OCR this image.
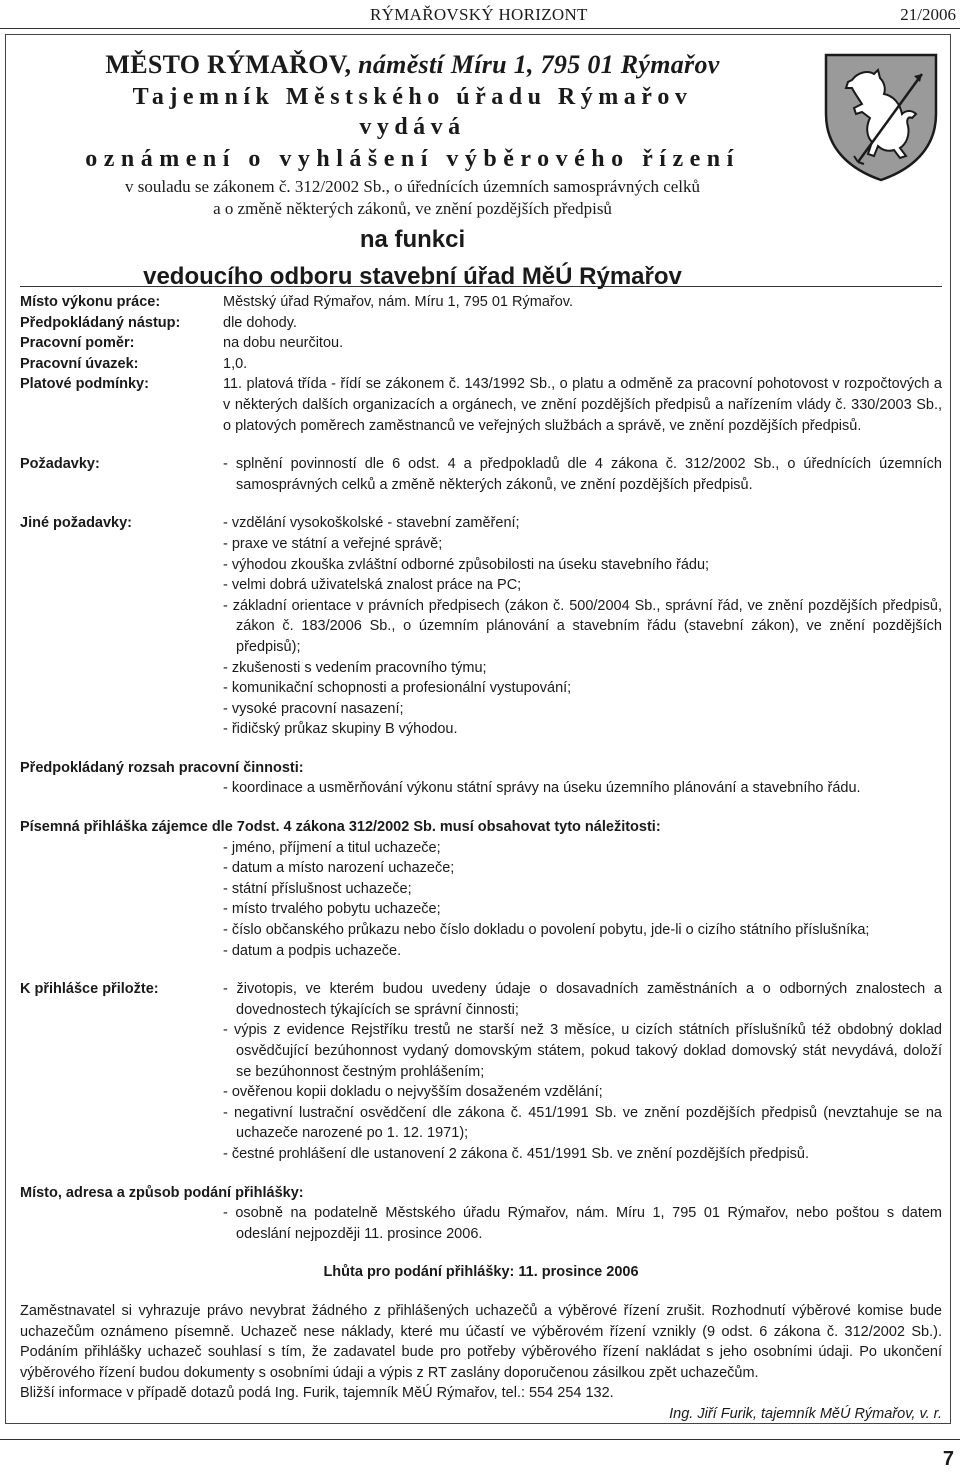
RÝMAŘOVSKÝ HORIZONT	21/2006
MĚSTO RÝMAŘOV, náměstí Míru 1, 795 01 Rýmařov
Tajemník Městského úřadu Rýmařov
vydává
oznámení o vyhlášení výběrového řízení
v souladu se zákonem č. 312/2002 Sb., o úřednících územních samosprávných celků
a o změně některých zákonů, ve znění pozdějších předpisů
na funkci
vedoucího odboru stavební úřad MěÚ Rýmařov
Místo výkonu práce:	Městský úřad Rýmařov, nám. Míru 1, 795 01 Rýmařov.
Předpokládaný nástup:	dle dohody.
Pracovní poměr:	na dobu neurčitou.
Pracovní úvazek:	1,0.
Platové podmínky:	11. platová třída - řídí se zákonem č. 143/1992 Sb., o platu a odměně za pracovní pohotovost v rozpočtových a v některých dalších organizacích a orgánech, ve znění pozdějších předpisů a nařízením vlády č. 330/2003 Sb., o platových poměrech zaměstnanců ve veřejných službách a správě, ve znění pozdějších předpisů.
Požadavky:	- splnění povinností dle 6 odst. 4 a předpokladů dle 4 zákona č. 312/2002 Sb., o úřednících územních samosprávných celků a změně některých zákonů, ve znění pozdějších předpisů.
Jiné požadavky:	- vzdělání vysokoškolské - stavební zaměření;
- praxe ve státní a veřejné správě;
- výhodou zkouška zvláštní odborné způsobilosti na úseku stavebního řádu;
- velmi dobrá uživatelská znalost práce na PC;
- základní orientace v právních předpisech (zákon č. 500/2004 Sb., správní řád, ve znění pozdějších předpisů, zákon č. 183/2006 Sb., o územním plánování a stavebním řádu (stavební zákon), ve znění pozdějších předpisů);
- zkušenosti s vedením pracovního týmu;
- komunikační schopnosti a profesionální vystupování;
- vysoké pracovní nasazení;
- řidičský průkaz skupiny B výhodou.
Předpokládaný rozsah pracovní činnosti:
- koordinace a usměrňování výkonu státní správy na úseku územního plánování a stavebního řádu.
Písemná přihláška zájemce dle 7odst. 4 zákona 312/2002 Sb. musí obsahovat tyto náležitosti:
- jméno, příjmení a titul uchazeče;
- datum a místo narození uchazeče;
- státní příslušnost uchazeče;
- místo trvalého pobytu uchazeče;
- číslo občanského průkazu nebo číslo dokladu o povolení pobytu, jde-li o cizího státního příslušníka;
- datum a podpis uchazeče.
K přihlášce přiložte:	- životopis, ve kterém budou uvedeny údaje o dosavadních zaměstnáních a o odborných znalostech a dovednostech týkajících se správní činnosti;
- výpis z evidence Rejstříku trestů ne starší než 3 měsíce, u cizích státních příslušníků též obdobný doklad osvědčující bezúhonnost vydaný domovským státem, pokud takový doklad domovský stát nevydává, doloží se bezúhonnost čestným prohlášením;
- ověřenou kopii dokladu o nejvyšším dosaženém vzdělání;
- negativní lustrační osvědčení dle zákona č. 451/1991 Sb. ve znění pozdějších předpisů (nevztahuje se na uchazeče narozené po 1. 12. 1971);
- čestné prohlášení dle ustanovení 2 zákona č. 451/1991 Sb. ve znění pozdějších předpisů.
Místo, adresa a způsob podání přihlášky:
- osobně na podatelně Městského úřadu Rýmařov, nám. Míru 1, 795 01 Rýmařov, nebo poštou s datem odeslání nejpozději 11. prosince 2006.
Lhůta pro podání přihlášky: 11. prosince 2006
Zaměstnavatel si vyhrazuje právo nevybrat žádného z přihlášených uchazečů a výběrové řízení zrušit. Rozhodnutí výběrové komise bude uchazečům oznámeno písemně. Uchazeč nese náklady, které mu účastí ve výběrovém řízení vznikly (9 odst. 6 zákona č. 312/2002 Sb.). Podáním přihlášky uchazeč souhlasí s tím, že zadavatel bude pro potřeby výběrového řízení nakládat s jeho osobními údaji. Po ukončení výběrového řízení budou dokumenty s osobními údaji a výpis z RT zaslány doporučenou zásilkou zpět uchazečům.
Bližší informace v případě dotazů podá Ing. Furik, tajemník MěÚ Rýmařov, tel.: 554 254 132.
Ing. Jiří Furik, tajemník MěÚ Rýmařov, v. r.
7
